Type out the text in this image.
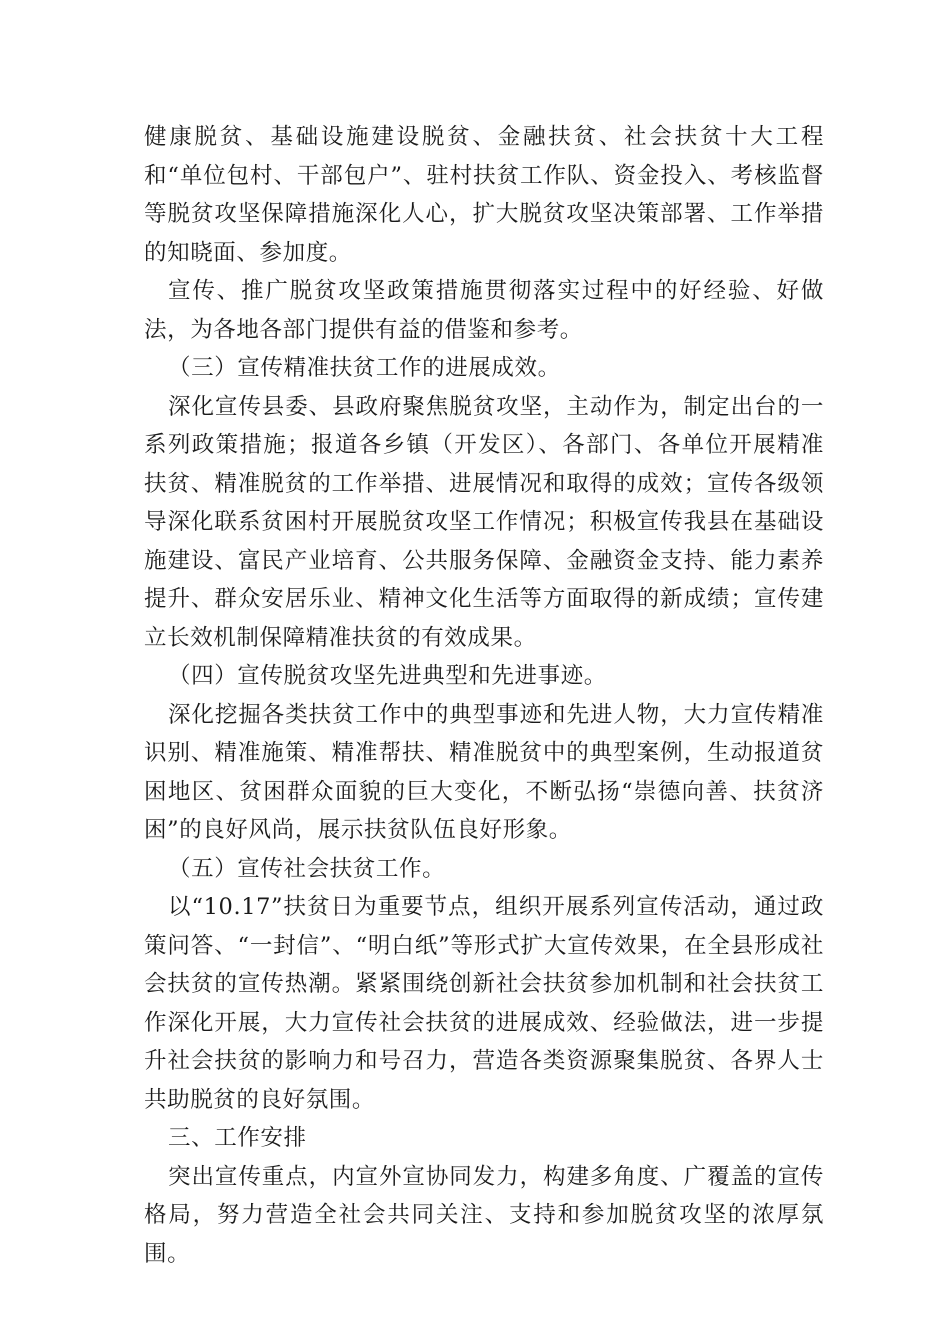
健康脱贫、基础设施建设脱贫、金融扶贫、社会扶贫十大工程和“单位包村、干部包户”、驻村扶贫工作队、资金投入、考核监督等脱贫攻坚保障措施深化人心，扩大脱贫攻坚决策部署、工作举措的知晓面、参加度。

宣传、推广脱贫攻坚政策措施贯彻落实过程中的好经验、好做法，为各地各部门提供有益的借鉴和参考。

（三）宣传精准扶贫工作的进展成效。

深化宣传县委、县政府聚焦脱贫攻坚，主动作为，制定出台的一系列政策措施；报道各乡镇（开发区）、各部门、各单位开展精准扶贫、精准脱贫的工作举措、进展情况和取得的成效；宣传各级领导深化联系贫困村开展脱贫攻坚工作情况；积极宣传我县在基础设施建设、富民产业培育、公共服务保障、金融资金支持、能力素养提升、群众安居乐业、精神文化生活等方面取得的新成绩；宣传建立长效机制保障精准扶贫的有效成果。

（四）宣传脱贫攻坚先进典型和先进事迹。

深化挖掘各类扶贫工作中的典型事迹和先进人物，大力宣传精准识别、精准施策、精准帮扶、精准脱贫中的典型案例，生动报道贫困地区、贫困群众面貌的巨大变化，不断弘扬“崇德向善、扶贫济困”的良好风尚，展示扶贫队伍良好形象。

（五）宣传社会扶贫工作。

以“10.17”扶贫日为重要节点，组织开展系列宣传活动，通过政策问答、“一封信”、“明白纸”等形式扩大宣传效果，在全县形成社会扶贫的宣传热潮。紧紧围绕创新社会扶贫参加机制和社会扶贫工作深化开展，大力宣传社会扶贫的进展成效、经验做法，进一步提升社会扶贫的影响力和号召力，营造各类资源聚集脱贫、各界人士共助脱贫的良好氛围。

三、工作安排

突出宣传重点，内宣外宣协同发力，构建多角度、广覆盖的宣传格局，努力营造全社会共同关注、支持和参加脱贫攻坚的浓厚氛围。
